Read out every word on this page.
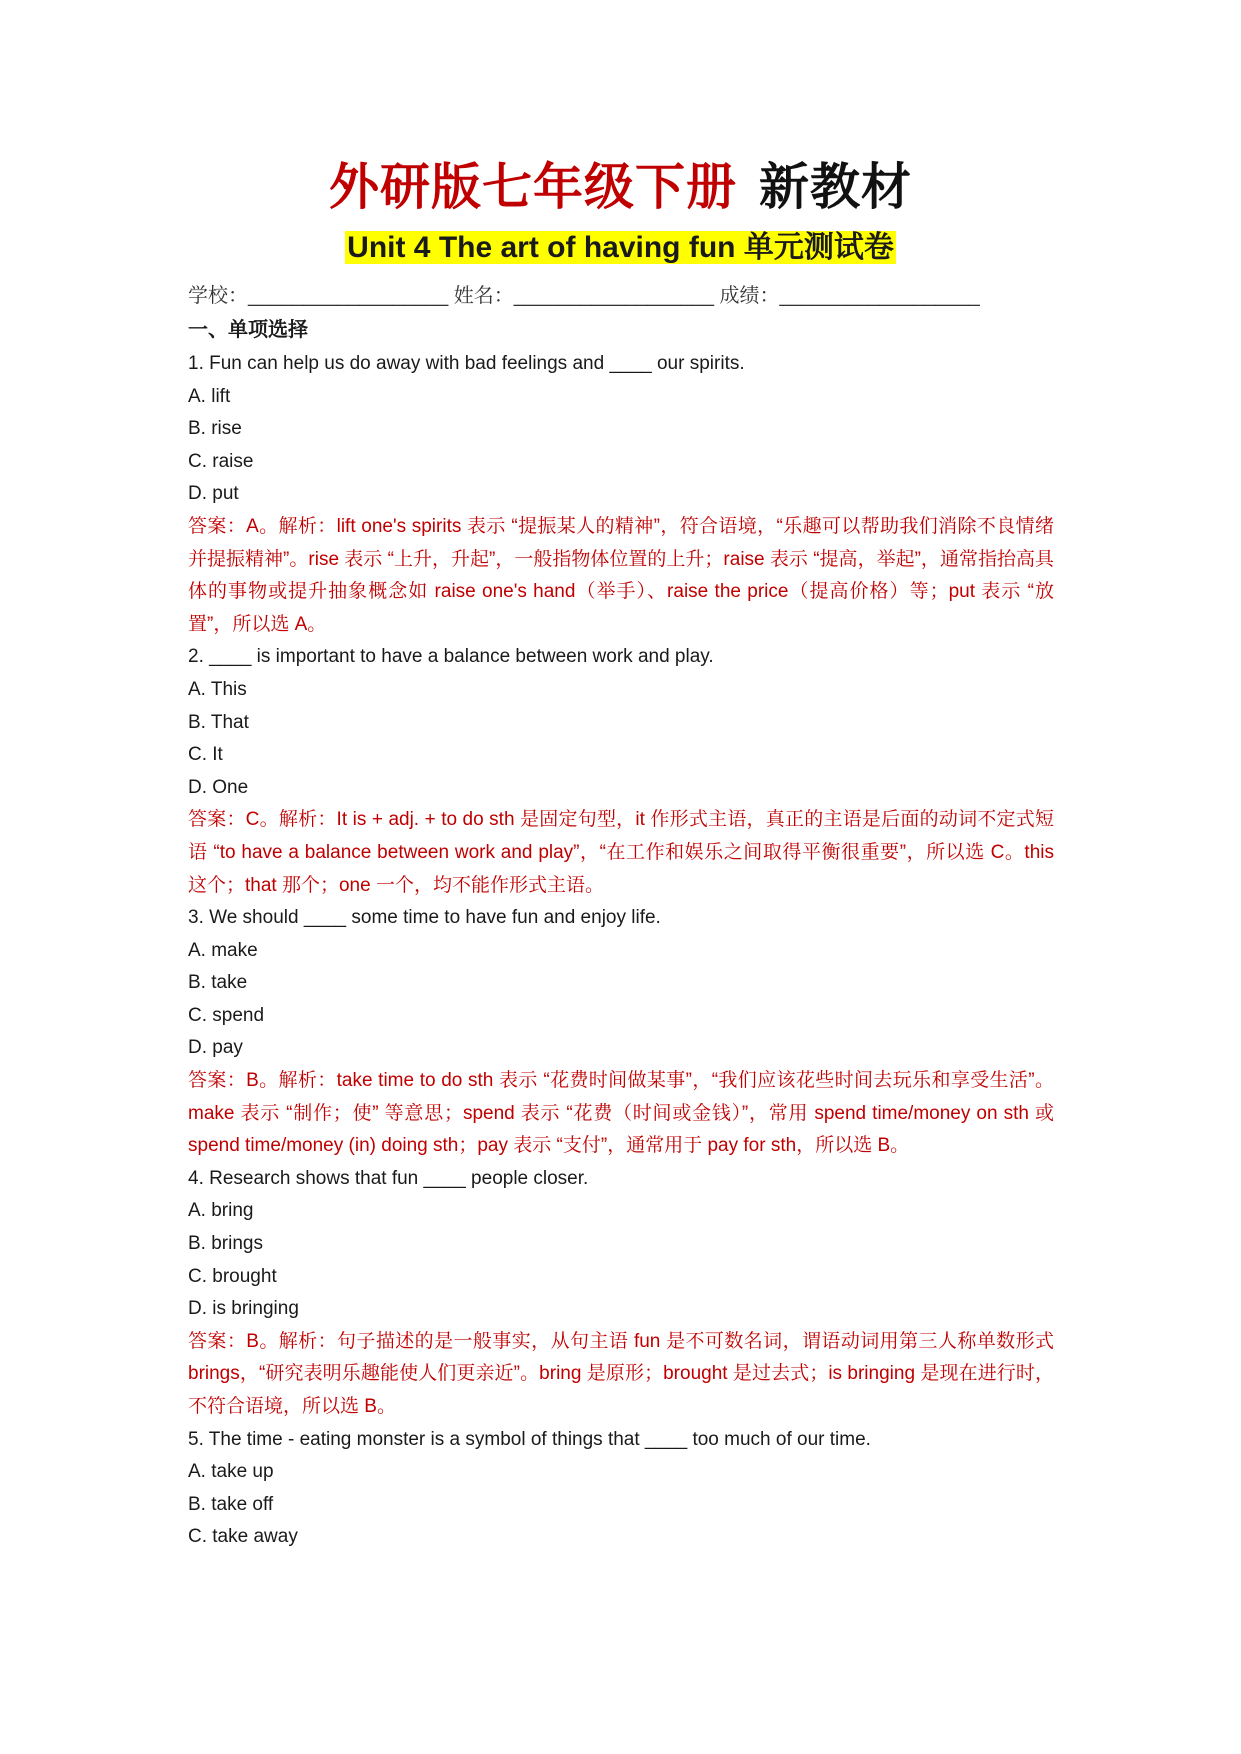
外研版七年级下册 新教材
Unit 4 The art of having fun 单元测试卷
学校：__________________ 姓名：__________________ 成绩：__________________
一、单项选择
1. Fun can help us do away with bad feelings and ____ our spirits.
A. lift
B. rise
C. raise
D. put
答案：A。解析：lift one's spirits 表示 “提振某人的精神”，符合语境，“乐趣可以帮助我们消除不良情绪并提振精神”。rise 表示 “上升，升起”，一般指物体位置的上升；raise 表示 “提高，举起”，通常指抬高具体的事物或提升抽象概念如 raise one's hand（举手）、raise the price（提高价格）等；put 表示 “放置”，所以选 A。
2. ____ is important to have a balance between work and play.
A. This
B. That
C. It
D. One
答案：C。解析：It is + adj. + to do sth 是固定句型，it 作形式主语，真正的主语是后面的动词不定式短语 “to have a balance between work and play”，“在工作和娱乐之间取得平衡很重要”，所以选 C。this 这个；that 那个；one 一个，均不能作形式主语。
3. We should ____ some time to have fun and enjoy life.
A. make
B. take
C. spend
D. pay
答案：B。解析：take time to do sth 表示 “花费时间做某事”，“我们应该花些时间去玩乐和享受生活”。make 表示 “制作；使” 等意思；spend 表示 “花费（时间或金钱）”，常用 spend time/money on sth 或 spend time/money (in) doing sth；pay 表示 “支付”，通常用于 pay for sth，所以选 B。
4. Research shows that fun ____ people closer.
A. bring
B. brings
C. brought
D. is bringing
答案：B。解析：句子描述的是一般事实，从句主语 fun 是不可数名词，谓语动词用第三人称单数形式 brings，“研究表明乐趣能使人们更亲近”。bring 是原形；brought 是过去式；is bringing 是现在进行时，不符合语境，所以选 B。
5. The time - eating monster is a symbol of things that ____ too much of our time.
A. take up
B. take off
C. take away
